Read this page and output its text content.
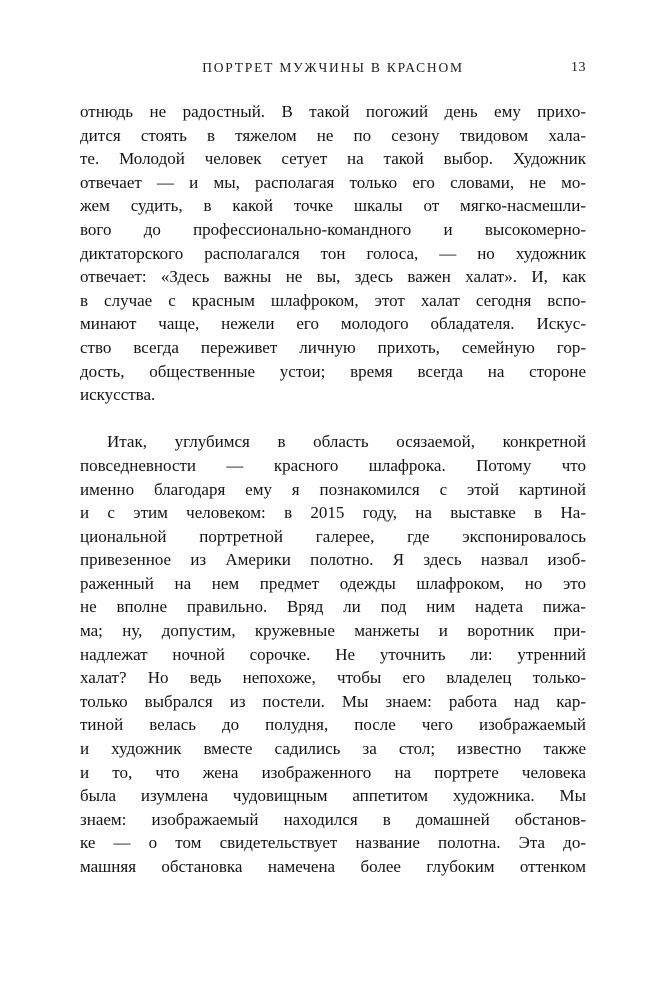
ПОРТРЕТ МУЖЧИНЫ В КРАСНОМ	13
отнюдь не радостный. В такой погожий день ему прихо-
дится стоять в тяжелом не по сезону твидовом хала-
те. Молодой человек сетует на такой выбор. Художник
отвечает — и мы, располагая только его словами, не мо-
жем судить, в какой точке шкалы от мягко-насмешли-
вого до профессионально-командного и высокомерно-
диктаторского располагался тон голоса, — но художник
отвечает: «Здесь важны не вы, здесь важен халат». И, как
в случае с красным шлафроком, этот халат сегодня вспо-
минают чаще, нежели его молодого обладателя. Искус-
ство всегда переживет личную прихоть, семейную гор-
дость, общественные устои; время всегда на стороне
искусства.
Итак, углубимся в область осязаемой, конкретной
повседневности — красного шлафрока. Потому что
именно благодаря ему я познакомился с этой картиной
и с этим человеком: в 2015 году, на выставке в На-
циональной портретной галерее, где экспонировалось
привезенное из Америки полотно. Я здесь назвал изоб-
раженный на нем предмет одежды шлафроком, но это
не вполне правильно. Вряд ли под ним надета пижа-
ма; ну, допустим, кружевные манжеты и воротник при-
надлежат ночной сорочке. Не уточнить ли: утренний
халат? Но ведь непохоже, чтобы его владелец только-
только выбрался из постели. Мы знаем: работа над кар-
тиной велась до полудня, после чего изображаемый
и художник вместе садились за стол; известно также
и то, что жена изображенного на портрете человека
была изумлена чудовищным аппетитом художника. Мы
знаем: изображаемый находился в домашней обстанов-
ке — о том свидетельствует название полотна. Эта до-
машняя обстановка намечена более глубоким оттенком
